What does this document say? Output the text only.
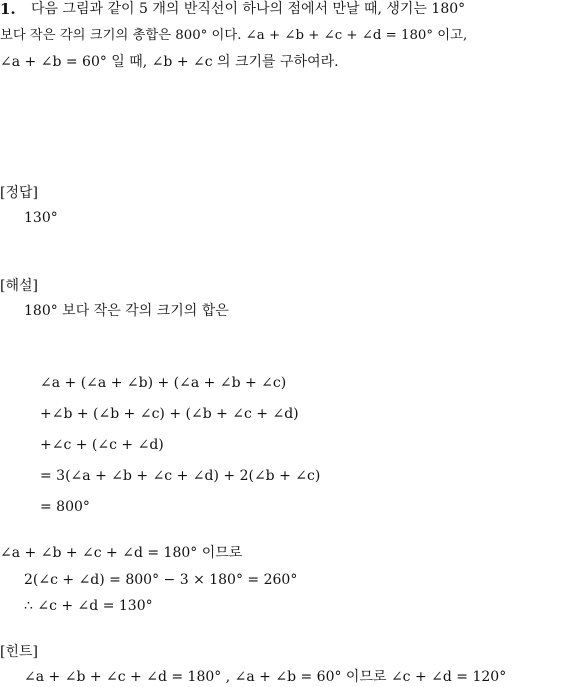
1. 다음 그림과 같이 5 개의 반직선이 하나의 점에서 만날 때, 생기는 180°
보다 작은 각의 크기의 총합은 800° 이다. ∠a + ∠b + ∠c + ∠d = 180° 이고,
∠a + ∠b = 60° 일 때, ∠b + ∠c 의 크기를 구하여라.
[정답]
130°
[해설]
180° 보다 작은 각의 크기의 합은
∠a + (∠a + ∠b) + (∠a + ∠b + ∠c)
+∠b + (∠b + ∠c) + (∠b + ∠c + ∠d)
+∠c + (∠c + ∠d)
= 3(∠a + ∠b + ∠c + ∠d) + 2(∠b + ∠c)
= 800°
∠a + ∠b + ∠c + ∠d = 180° 이므로
2(∠c + ∠d) = 800° − 3 × 180° = 260°
∴ ∠c + ∠d = 130°
[힌트]
∠a + ∠b + ∠c + ∠d = 180° , ∠a + ∠b = 60° 이므로 ∠c + ∠d = 120°
